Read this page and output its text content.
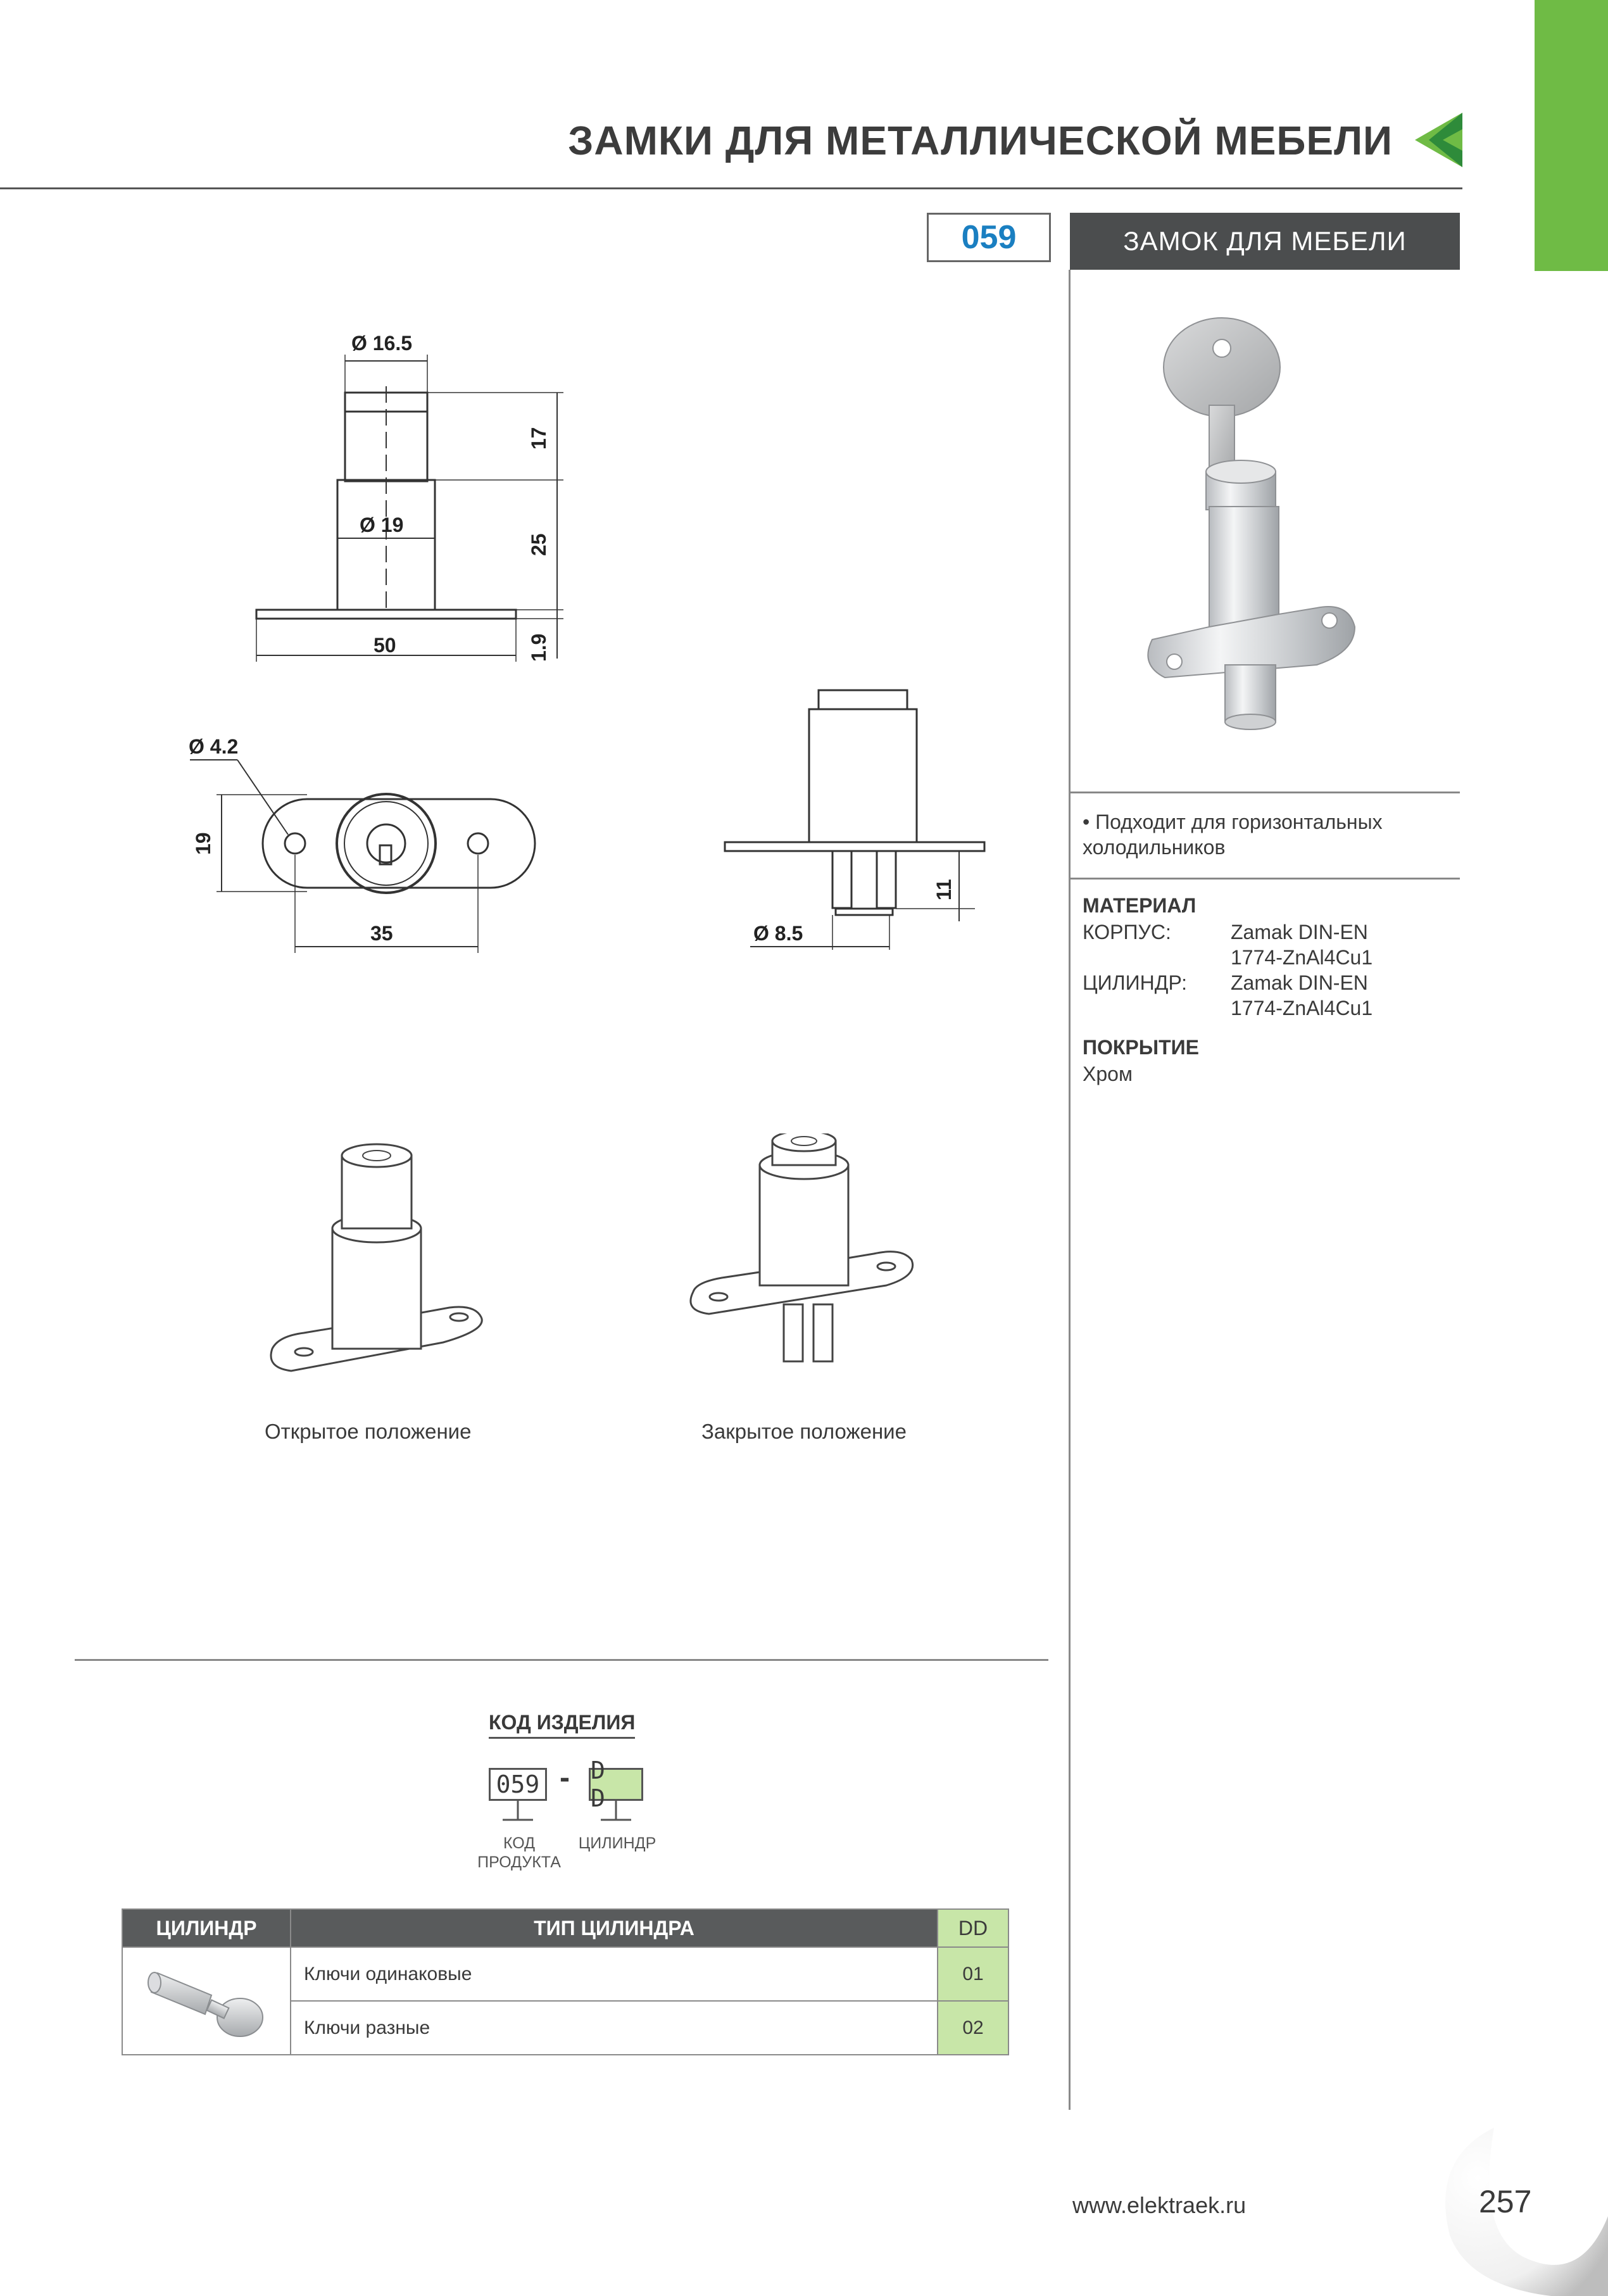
ЗАМКИ ДЛЯ МЕТАЛЛИЧЕСКОЙ МЕБЕЛИ
059	ЗАМОК ДЛЯ МЕБЕЛИ
• Подходит для горизонтальных холодильников
МАТЕРИАЛ
КОРПУС:	Zamak DIN-EN
1774-ZnAl4Cu1
ЦИЛИНДР: Zamak DIN-EN
1774-ZnAl4Cu1
ПОКРЫТИЕ
Хром
Ø 16.5
Ø 19
50
17
25
1.9
Ø 4.2
19
35
11
Ø 8.5
Открытое положение	Закрытое положение
КОД ИЗДЕЛИЯ
059 - D D
КОД
ПРОДУКТА
ЦИЛИНДР
ЦИЛИНДР	ТИП ЦИЛИНДРА	DD
	Ключи одинаковые	01
	Ключи разные	02
www.elektraek.ru	257
